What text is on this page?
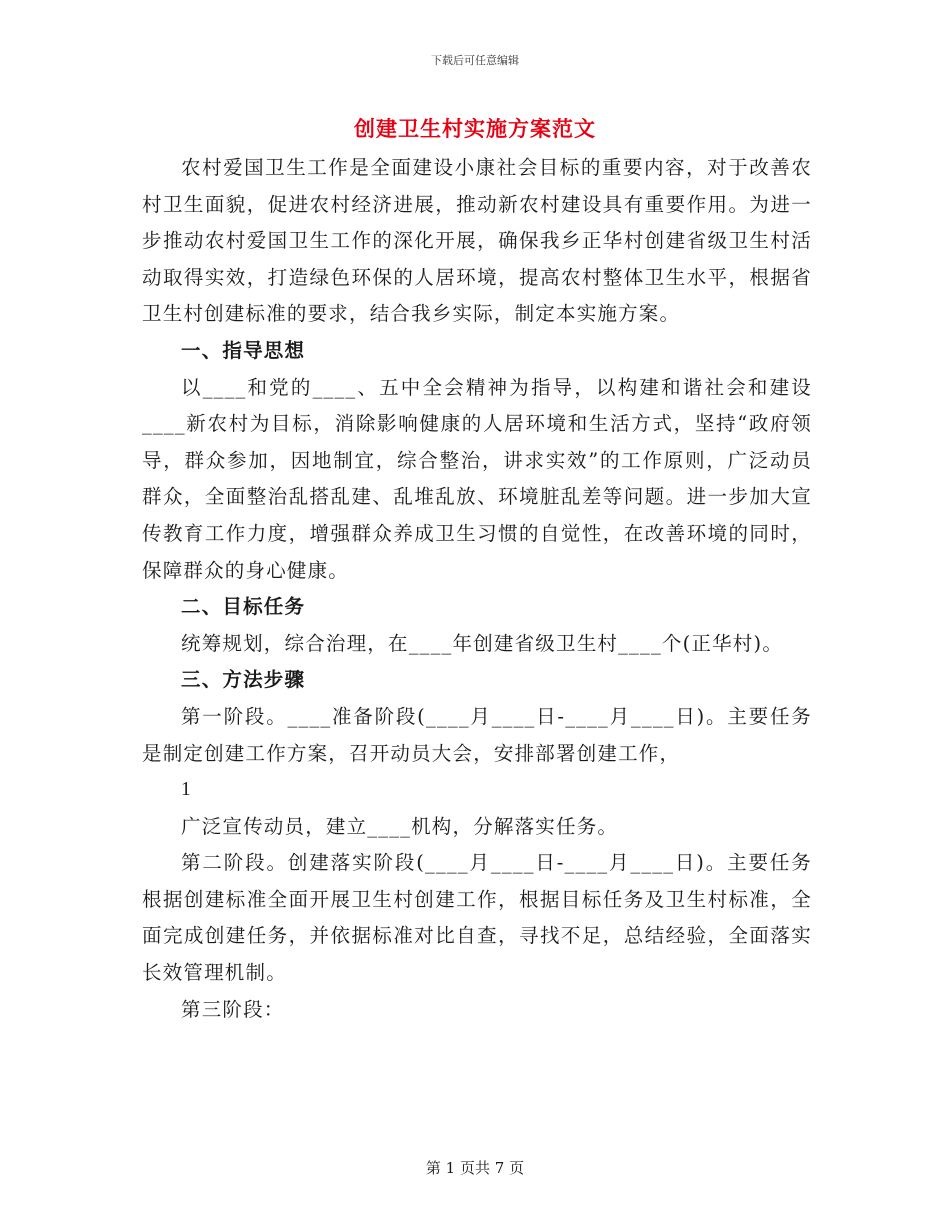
下载后可任意编辑
创建卫生村实施方案范文

农村爱国卫生工作是全面建设小康社会目标的重要内容，对于改善农村卫生面貌，促进农村经济进展，推动新农村建设具有重要作用。为进一步推动农村爱国卫生工作的深化开展，确保我乡正华村创建省级卫生村活动取得实效，打造绿色环保的人居环境，提高农村整体卫生水平，根据省卫生村创建标准的要求，结合我乡实际，制定本实施方案。

一、指导思想

以____和党的____、五中全会精神为指导，以构建和谐社会和建设____新农村为目标，消除影响健康的人居环境和生活方式，坚持“政府领导，群众参加，因地制宜，综合整治，讲求实效”的工作原则，广泛动员群众，全面整治乱搭乱建、乱堆乱放、环境脏乱差等问题。进一步加大宣传教育工作力度，增强群众养成卫生习惯的自觉性，在改善环境的同时，保障群众的身心健康。

二、目标任务

统筹规划，综合治理，在____年创建省级卫生村____个(正华村)。

三、方法步骤

第一阶段。____准备阶段(____月____日-____月____日)。主要任务是制定创建工作方案，召开动员大会，安排部署创建工作，

1

广泛宣传动员，建立____机构，分解落实任务。

第二阶段。创建落实阶段(____月____日-____月____日)。主要任务根据创建标准全面开展卫生村创建工作，根据目标任务及卫生村标准，全面完成创建任务，并依据标准对比自查，寻找不足，总结经验，全面落实长效管理机制。

第三阶段：

第 1 页共 7 页
